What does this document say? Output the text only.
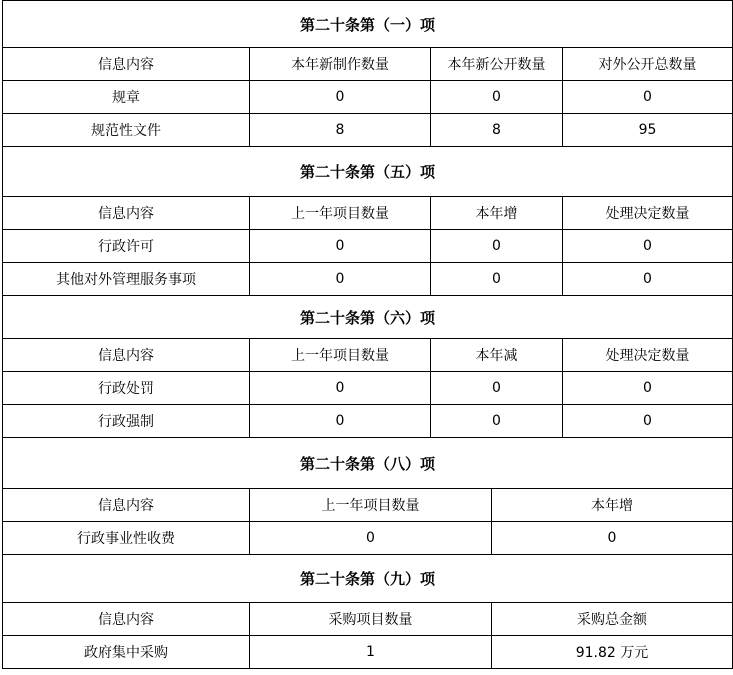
第二十条第（一）项				
信息内容	本年新制作数量	本年新公开数量		对外公开总数量
规章	0	0		0
规范性文件	8	8		95
第二十条第（五）项				
信息内容	上一年项目数量	本年增		处理决定数量
行政许可	0	0		0
其他对外管理服务事项	0	0		0
第二十条第（六）项				
信息内容	上一年项目数量	本年减		处理决定数量
行政处罚	0	0		0
行政强制	0	0		0
第二十条第（八）项				
信息内容	上一年项目数量		本年增	
行政事业性收费	0		0	
第二十条第（九）项				
信息内容	采购项目数量		采购总金额	
政府集中采购	1		91.82 万元	
